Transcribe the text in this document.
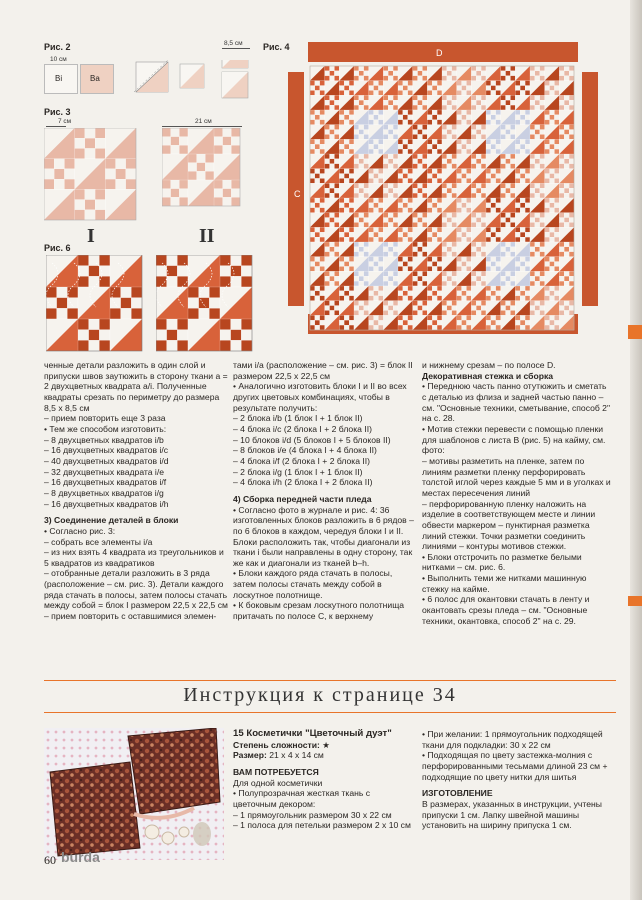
Рис. 2
10 см
8,5 см
Bi	Ba
Рис. 3
7 см	21 см
Рис. 6
I	II
Рис. 4
D
C

ченные детали разложить в один слой и припуски швов заутюжить в сторону ткани a = 2 двухцветных квадрата a/i. Полученные квадраты срезать по периметру до размера 8,5 х 8,5 см

– прием повторить еще 3 раза

• Тем же способом изготовить:

– 8 двухцветных квадратов i/b

– 16 двухцветных квадратов i/c

– 40 двухцветных квадратов i/d

– 32 двухцветных квадрата i/e

– 16 двухцветных квадратов i/f

– 8 двухцветных квадратов i/g

– 16 двухцветных квадратов i/h

3) Соединение деталей в блоки

• Согласно рис. 3:

– собрать все элементы i/a

– из них взять 4 квадрата из треугольников и 5 квадратов из квадратиков

– отобранные детали разложить в 3 ряда (расположение – см. рис. 3). Детали каждого ряда стачать в полосы, затем полосы стачать между собой = блок I размером 22,5 х 22,5 см

– прием повторить с оставшимися элемен-

тами i/a (расположение – см. рис. 3) = блок II размером 22,5 х 22,5 см

• Аналогично изготовить блоки I и II во всех других цветовых комбинациях, чтобы в результате получить:

– 2 блока i/b (1 блок I + 1 блок II)

– 4 блока i/c (2 блока I + 2 блока II)

– 10 блоков i/d (5 блоков I + 5 блоков II)

– 8 блоков i/e (4 блока I + 4 блока II)

– 4 блока i/f (2 блока I + 2 блока II)

– 2 блока i/g (1 блок I + 1 блок II)

– 4 блока i/h (2 блока I + 2 блока II)

4) Сборка передней части пледа

• Согласно фото в журнале и рис. 4: 36 изготовленных блоков разложить в 6 рядов – по 6 блоков в каждом, чередуя блоки I и II. Блоки расположить так, чтобы диагонали из ткани i были направлены в одну сторону, так же как и диагонали из тканей b–h.

• Блоки каждого ряда стачать в полосы, затем полосы стачать между собой в лоскутное полотнище.

• К боковым срезам лоскутного полотнища притачать по полосе C, к верхнему

и нижнему срезам – по полосе D.

Декоративная стежка и сборка

• Переднюю часть панно отутюжить и сметать с деталью из флиза и задней частью панно – см. "Основные техники, сметывание, способ 2" на с. 28.

• Мотив стежки перевести с помощью пленки для шаблонов с листа В (рис. 5) на кайму, см. фото:

– мотивы разметить на пленке, затем по линиям разметки пленку перфорировать толстой иглой через каждые 5 мм и в уголках и местах пересечения линий

– перфорированную пленку наложить на изделие в соответствующем месте и линии обвести маркером – пунктирная разметка линий стежки. Точки разметки соединить линиями – контуры мотивов стежки.

• Блоки отстрочить по разметке белыми нитками – см. рис. 6.

• Выполнить теми же нитками машинную стежку на кайме.

• 6 полос для окантовки стачать в ленту и окантовать срезы пледа – см. "Основные техники, окантовка, способ 2" на с. 29.

Инструкция к странице 34

15 Косметички "Цветочный дуэт"

Степень сложности: ★

Размер: 21 х 4 х 14 см

ВАМ ПОТРЕБУЕТСЯ

Для одной косметички

• Полупрозрачная жесткая ткань с цветочным декором:

– 1 прямоугольник размером 30 х 22 см

– 1 полоса для петельки размером 2 х 10 см

• При желании: 1 прямоугольник подходящей ткани для подкладки: 30 х 22 см

• Подходящая по цвету застежка-молния с перфорированными тесьмами длиной 23 см + подходящие по цвету нитки для шитья

ИЗГОТОВЛЕНИЕ

В размерах, указанных в инструкции, учтены припуски 1 см. Лапку швейной машины установить на ширину припуска 1 см.

60 burda
